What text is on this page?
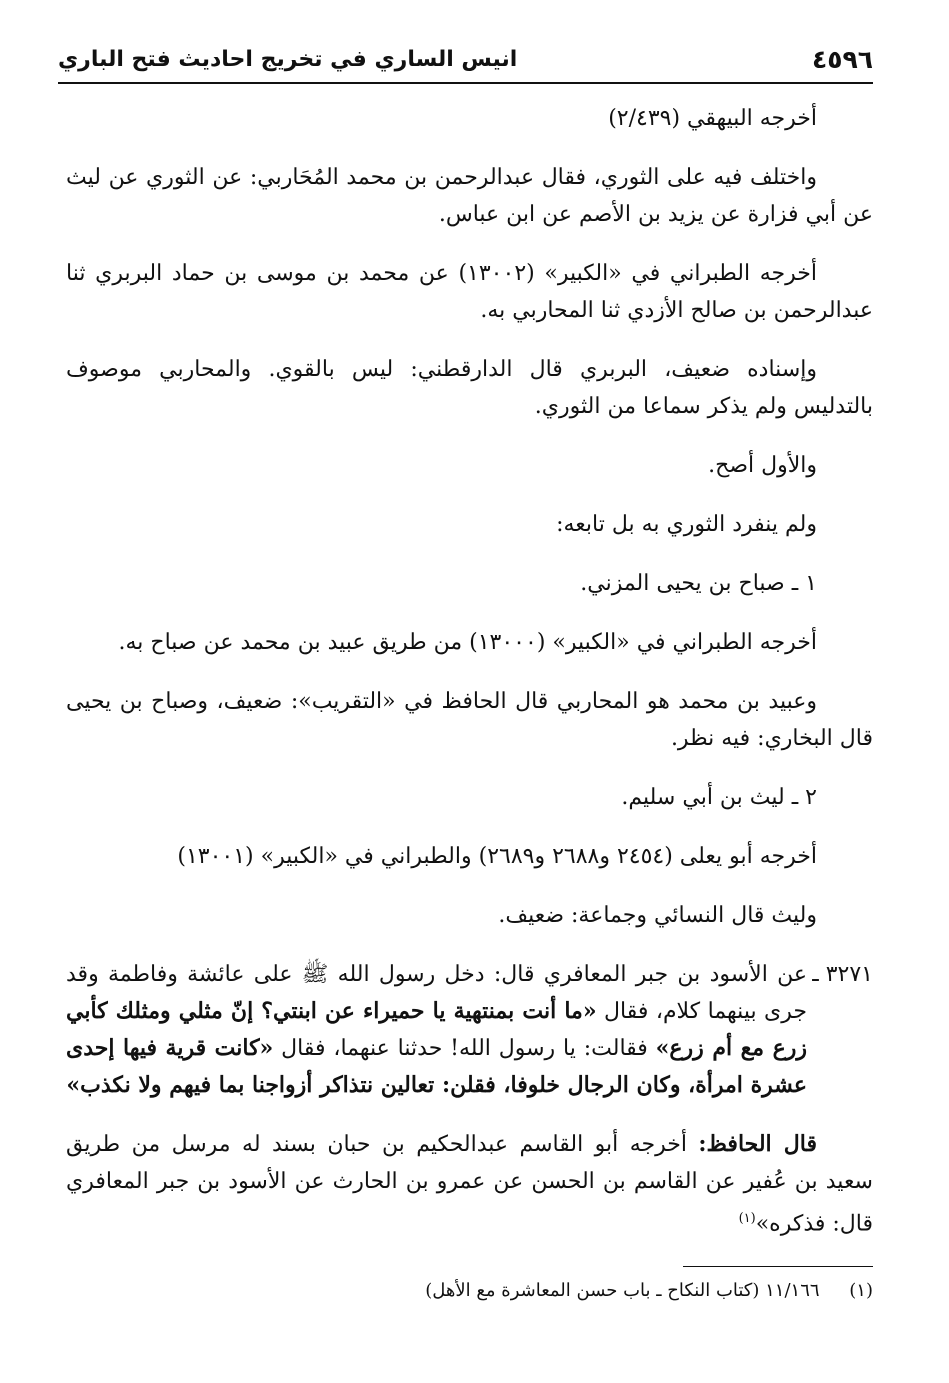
٤٥٩٦
انيس الساري في تخريج احاديث فتح الباري

أخرجه البيهقي (٢/٤٣٩)

واختلف فيه على الثوري، فقال عبدالرحمن بن محمد المُحَاربي: عن الثوري عن ليث عن أبي فزارة عن يزيد بن الأصم عن ابن عباس.

أخرجه الطبراني في «الكبير» (١٣٠٠٢) عن محمد بن موسى بن حماد البربري ثنا عبدالرحمن بن صالح الأزدي ثنا المحاربي به.

وإسناده ضعيف، البربري قال الدارقطني: ليس بالقوي. والمحاربي موصوف بالتدليس ولم يذكر سماعا من الثوري.

والأول أصح.

ولم ينفرد الثوري به بل تابعه:

١ ـ صباح بن يحيى المزني.

أخرجه الطبراني في «الكبير» (١٣٠٠٠) من طريق عبيد بن محمد عن صباح به.

وعبيد بن محمد هو المحاربي قال الحافظ في «التقريب»: ضعيف، وصباح بن يحيى قال البخاري: فيه نظر.

٢ ـ ليث بن أبي سليم.

أخرجه أبو يعلى (٢٤٥٤ و٢٦٨٨ و٢٦٨٩) والطبراني في «الكبير» (١٣٠٠١)

وليث قال النسائي وجماعة: ضعيف.

٣٢٧١ ـ
عن الأسود بن جبر المعافري قال: دخل رسول الله ﷺ على عائشة وفاطمة وقد جرى بينهما كلام، فقال «ما أنت بمنتهية يا حميراء عن ابنتي؟ إنّ مثلي ومثلك كأبي زرع مع أم زرع» فقالت: يا رسول الله! حدثنا عنهما، فقال «كانت قرية فيها إحدى عشرة امرأة، وكان الرجال خلوفا، فقلن: تعالين نتذاكر أزواجنا بما فيهم ولا نكذب»

قال الحافظ: أخرجه أبو القاسم عبدالحكيم بن حبان بسند له مرسل من طريق سعيد بن عُفير عن القاسم بن الحسن عن عمرو بن الحارث عن الأسود بن جبر المعافري قال: فذكره»$^{(١)}$

(١) ١١/١٦٦ (كتاب النكاح ـ باب حسن المعاشرة مع الأهل)
